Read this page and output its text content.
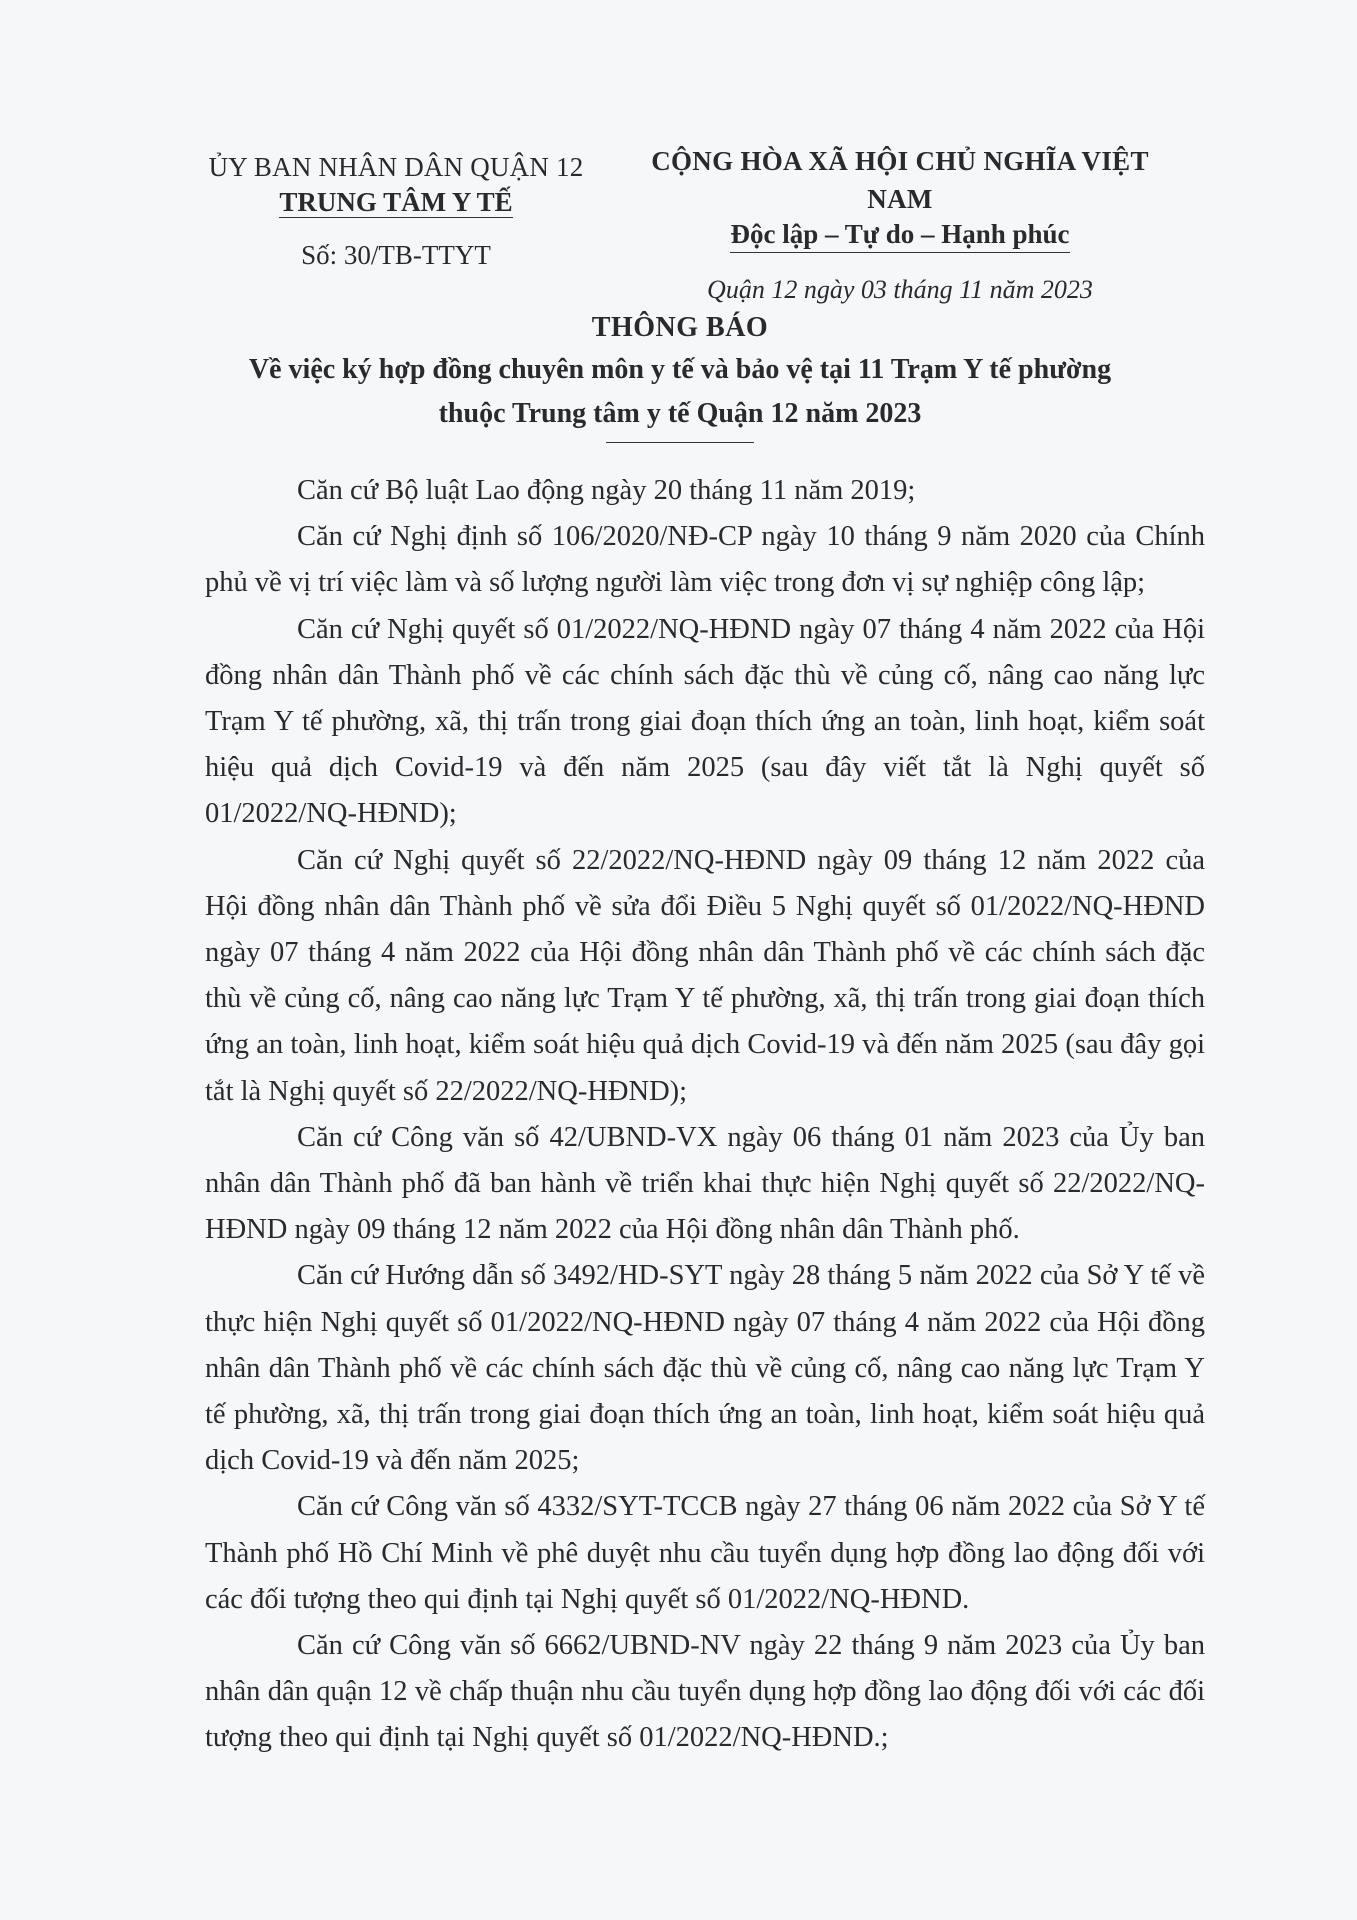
ỦY BAN NHÂN DÂN QUẬN 12
TRUNG TÂM Y TẾ
Số: 30/TB-TTYT
CỘNG HÒA XÃ HỘI CHỦ NGHĨA VIỆT NAM
Độc lập – Tự do – Hạnh phúc
Quận 12 ngày 03 tháng 11 năm 2023
THÔNG BÁO
Về việc ký hợp đồng chuyên môn y tế và bảo vệ tại 11 Trạm Y tế phường
thuộc Trung tâm y tế Quận 12 năm 2023

Căn cứ Bộ luật Lao động ngày 20 tháng 11 năm 2019;

Căn cứ Nghị định số 106/2020/NĐ-CP ngày 10 tháng 9 năm 2020 của Chính phủ về vị trí việc làm và số lượng người làm việc trong đơn vị sự nghiệp công lập;

Căn cứ Nghị quyết số 01/2022/NQ-HĐND ngày 07 tháng 4 năm 2022 của Hội đồng nhân dân Thành phố về các chính sách đặc thù về củng cố, nâng cao năng lực Trạm Y tế phường, xã, thị trấn trong giai đoạn thích ứng an toàn, linh hoạt, kiểm soát hiệu quả dịch Covid-19 và đến năm 2025 (sau đây viết tắt là Nghị quyết số 01/2022/NQ-HĐND);

Căn cứ Nghị quyết số 22/2022/NQ-HĐND ngày 09 tháng 12 năm 2022 của Hội đồng nhân dân Thành phố về sửa đổi Điều 5 Nghị quyết số 01/2022/NQ-HĐND ngày 07 tháng 4 năm 2022 của Hội đồng nhân dân Thành phố về các chính sách đặc thù về củng cố, nâng cao năng lực Trạm Y tế phường, xã, thị trấn trong giai đoạn thích ứng an toàn, linh hoạt, kiểm soát hiệu quả dịch Covid-19 và đến năm 2025 (sau đây gọi tắt là Nghị quyết số 22/2022/NQ-HĐND);

Căn cứ Công văn số 42/UBND-VX ngày 06 tháng 01 năm 2023 của Ủy ban nhân dân Thành phố đã ban hành về triển khai thực hiện Nghị quyết số 22/2022/NQ-HĐND ngày 09 tháng 12 năm 2022 của Hội đồng nhân dân Thành phố.

Căn cứ Hướng dẫn số 3492/HD-SYT ngày 28 tháng 5 năm 2022 của Sở Y tế về thực hiện Nghị quyết số 01/2022/NQ-HĐND ngày 07 tháng 4 năm 2022 của Hội đồng nhân dân Thành phố về các chính sách đặc thù về củng cố, nâng cao năng lực Trạm Y tế phường, xã, thị trấn trong giai đoạn thích ứng an toàn, linh hoạt, kiểm soát hiệu quả dịch Covid-19 và đến năm 2025;

Căn cứ Công văn số 4332/SYT-TCCB ngày 27 tháng 06 năm 2022 của Sở Y tế Thành phố Hồ Chí Minh về phê duyệt nhu cầu tuyển dụng hợp đồng lao động đối với các đối tượng theo qui định tại Nghị quyết số 01/2022/NQ-HĐND.

Căn cứ Công văn số 6662/UBND-NV ngày 22 tháng 9 năm 2023 của Ủy ban nhân dân quận 12 về chấp thuận nhu cầu tuyển dụng hợp đồng lao động đối với các đối tượng theo qui định tại Nghị quyết số 01/2022/NQ-HĐND.;
